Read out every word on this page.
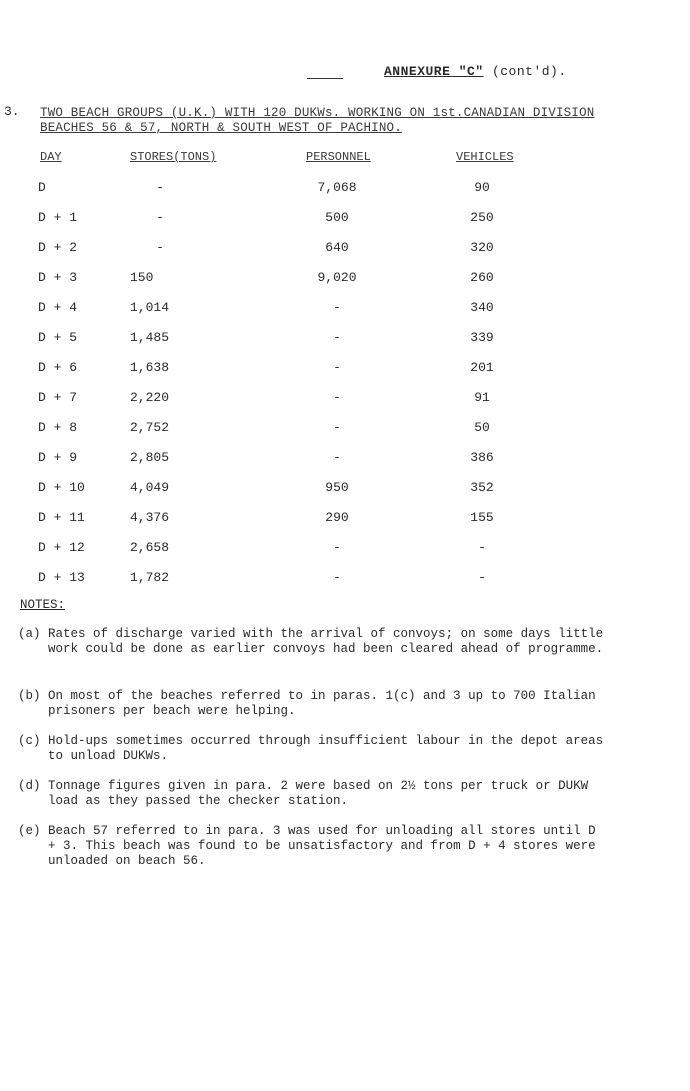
ANNEXURE "C" (cont'd).
3. TWO BEACH GROUPS (U.K.) WITH 120 DUKWs. WORKING ON 1st.CANADIAN DIVISION
BEACHES 56 & 57, NORTH & SOUTH WEST OF PACHINO.
DAY	STORES(TONS)	PERSONNEL	VEHICLES
D	-	7,068	90
D + 1	-	500	250
D + 2	-	640	320
D + 3	150	9,020	260
D + 4	1,014	-	340
D + 5	1,485	-	339
D + 6	1,638	-	201
D + 7	2,220	-	91
D + 8	2,752	-	50
D + 9	2,805	-	386
D + 10	4,049	950	352
D + 11	4,376	290	155
D + 12	2,658	-	-
D + 13	1,782	-	-
NOTES:
(a) Rates of discharge varied with the arrival of convoys; on some days little work could be done as earlier convoys had been cleared ahead of programme.
(b) On most of the beaches referred to in paras. 1(c) and 3 up to 700 Italian prisoners per beach were helping.
(c) Hold-ups sometimes occurred through insufficient labour in the depot areas to unload DUKWs.
(d) Tonnage figures given in para. 2 were based on 2½ tons per truck or DUKW load as they passed the checker station.
(e) Beach 57 referred to in para. 3 was used for unloading all stores until D + 3. This beach was found to be unsatisfactory and from D + 4 stores were unloaded on beach 56.
